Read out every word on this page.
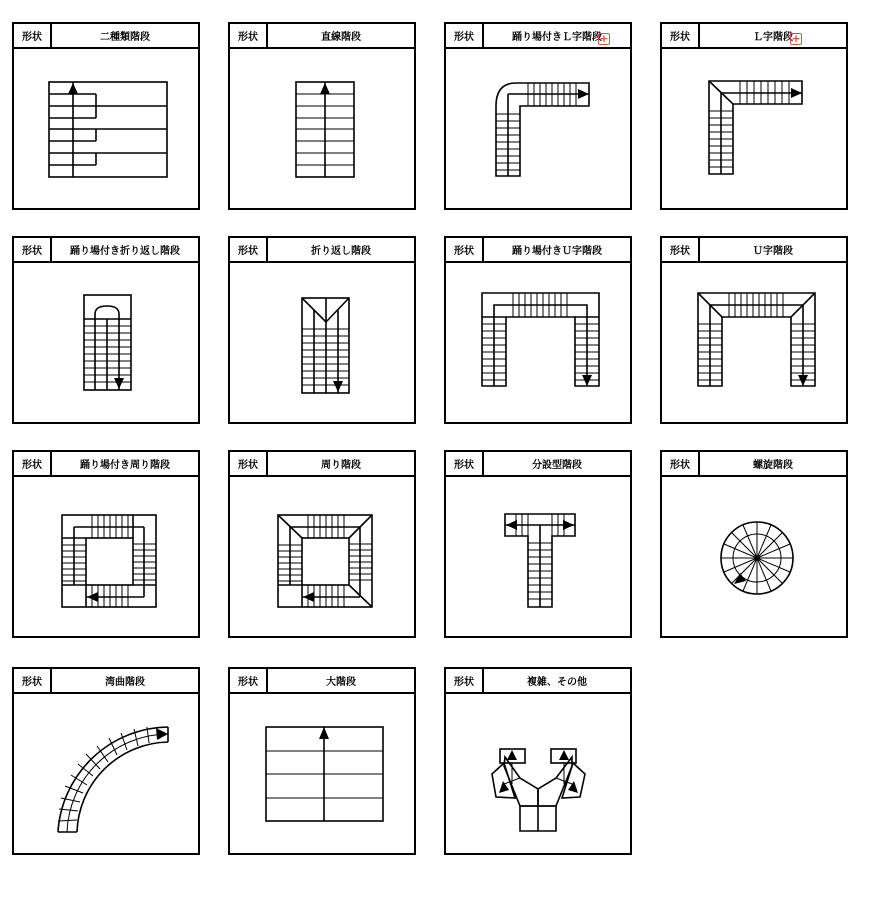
形状	二種類階段	形状	直線階段	形状	踊り場付きＬ字階段
+	形状	Ｌ字階段
+
形状	踊り場付き折り返し階段	形状	折り返し階段	形状	踊り場付きＵ字階段	形状	Ｕ字階段
形状	踊り場付き周り階段	形状	周り階段	形状	分設型階段	形状	螺旋階段
形状	湾曲階段	形状	大階段	形状	複雑、その他
